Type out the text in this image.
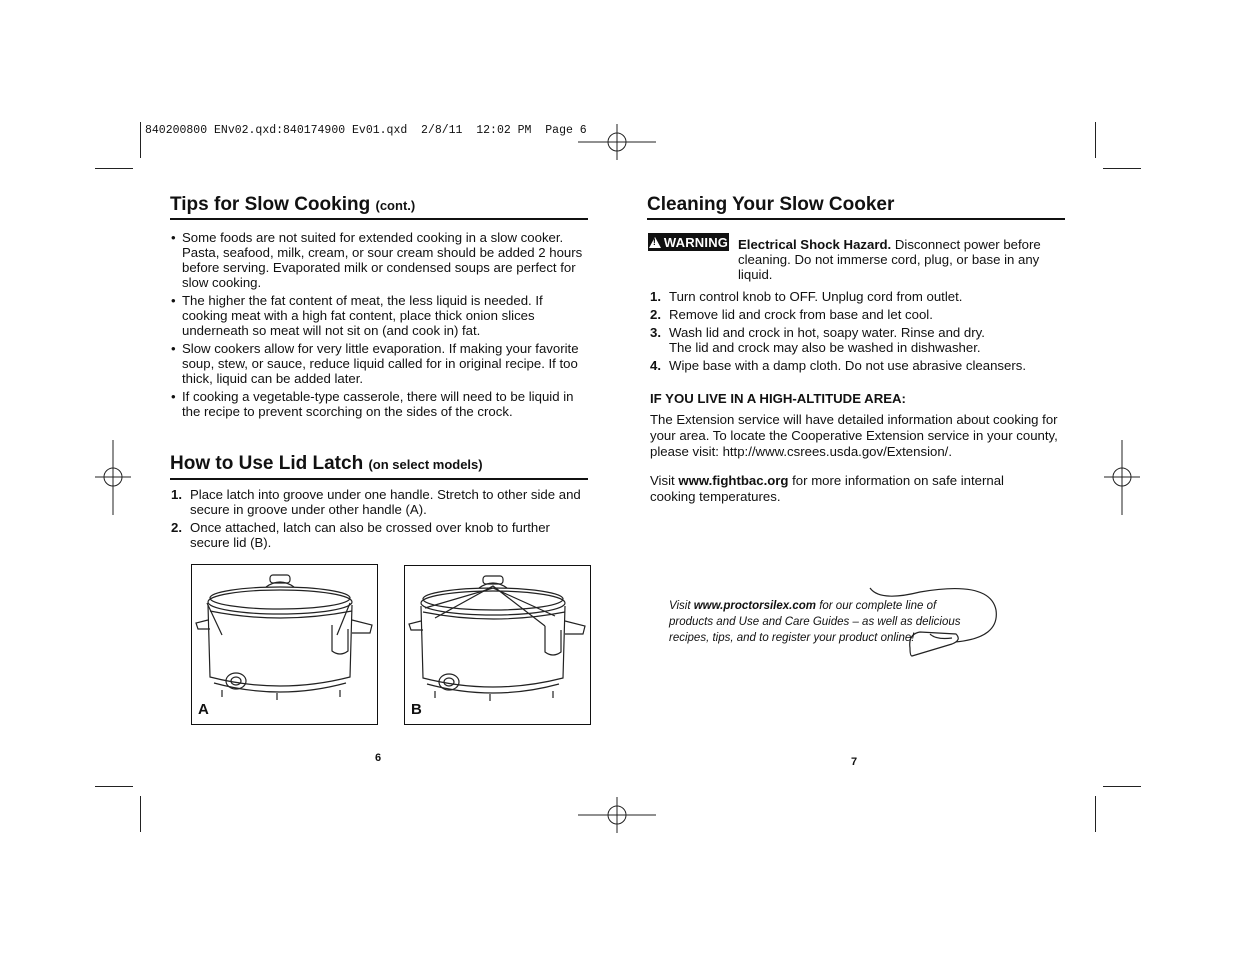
840200800 ENv02.qxd:840174900 Ev01.qxd  2/8/11  12:02 PM  Page 6
Tips for Slow Cooking (cont.)
• Some foods are not suited for extended cooking in a slow cooker. Pasta, seafood, milk, cream, or sour cream should be added 2 hours before serving. Evaporated milk or condensed soups are perfect for slow cooking.
• The higher the fat content of meat, the less liquid is needed. If cooking meat with a high fat content, place thick onion slices underneath so meat will not sit on (and cook in) fat.
• Slow cookers allow for very little evaporation. If making your favorite soup, stew, or sauce, reduce liquid called for in original recipe. If too thick, liquid can be added later.
• If cooking a vegetable-type casserole, there will need to be liquid in the recipe to prevent scorching on the sides of the crock.
How to Use Lid Latch (on select models)
1. Place latch into groove under one handle. Stretch to other side and secure in groove under other handle (A).
2. Once attached, latch can also be crossed over knob to further secure lid (B).
A	B
6
Cleaning Your Slow Cooker
!
WARNING Electrical Shock Hazard. Disconnect power before cleaning. Do not immerse cord, plug, or base in any liquid.
1. Turn control knob to OFF. Unplug cord from outlet.
2. Remove lid and crock from base and let cool.
3. Wash lid and crock in hot, soapy water. Rinse and dry. The lid and crock may also be washed in dishwasher.
4. Wipe base with a damp cloth. Do not use abrasive cleansers.
IF YOU LIVE IN A HIGH-ALTITUDE AREA:
The Extension service will have detailed information about cooking for your area. To locate the Cooperative Extension service in your county, please visit: http://www.csrees.usda.gov/Extension/.
Visit www.fightbac.org for more information on safe internal cooking temperatures.
Visit www.proctorsilex.com for our complete line of products and Use and Care Guides – as well as delicious recipes, tips, and to register your product online!
7
